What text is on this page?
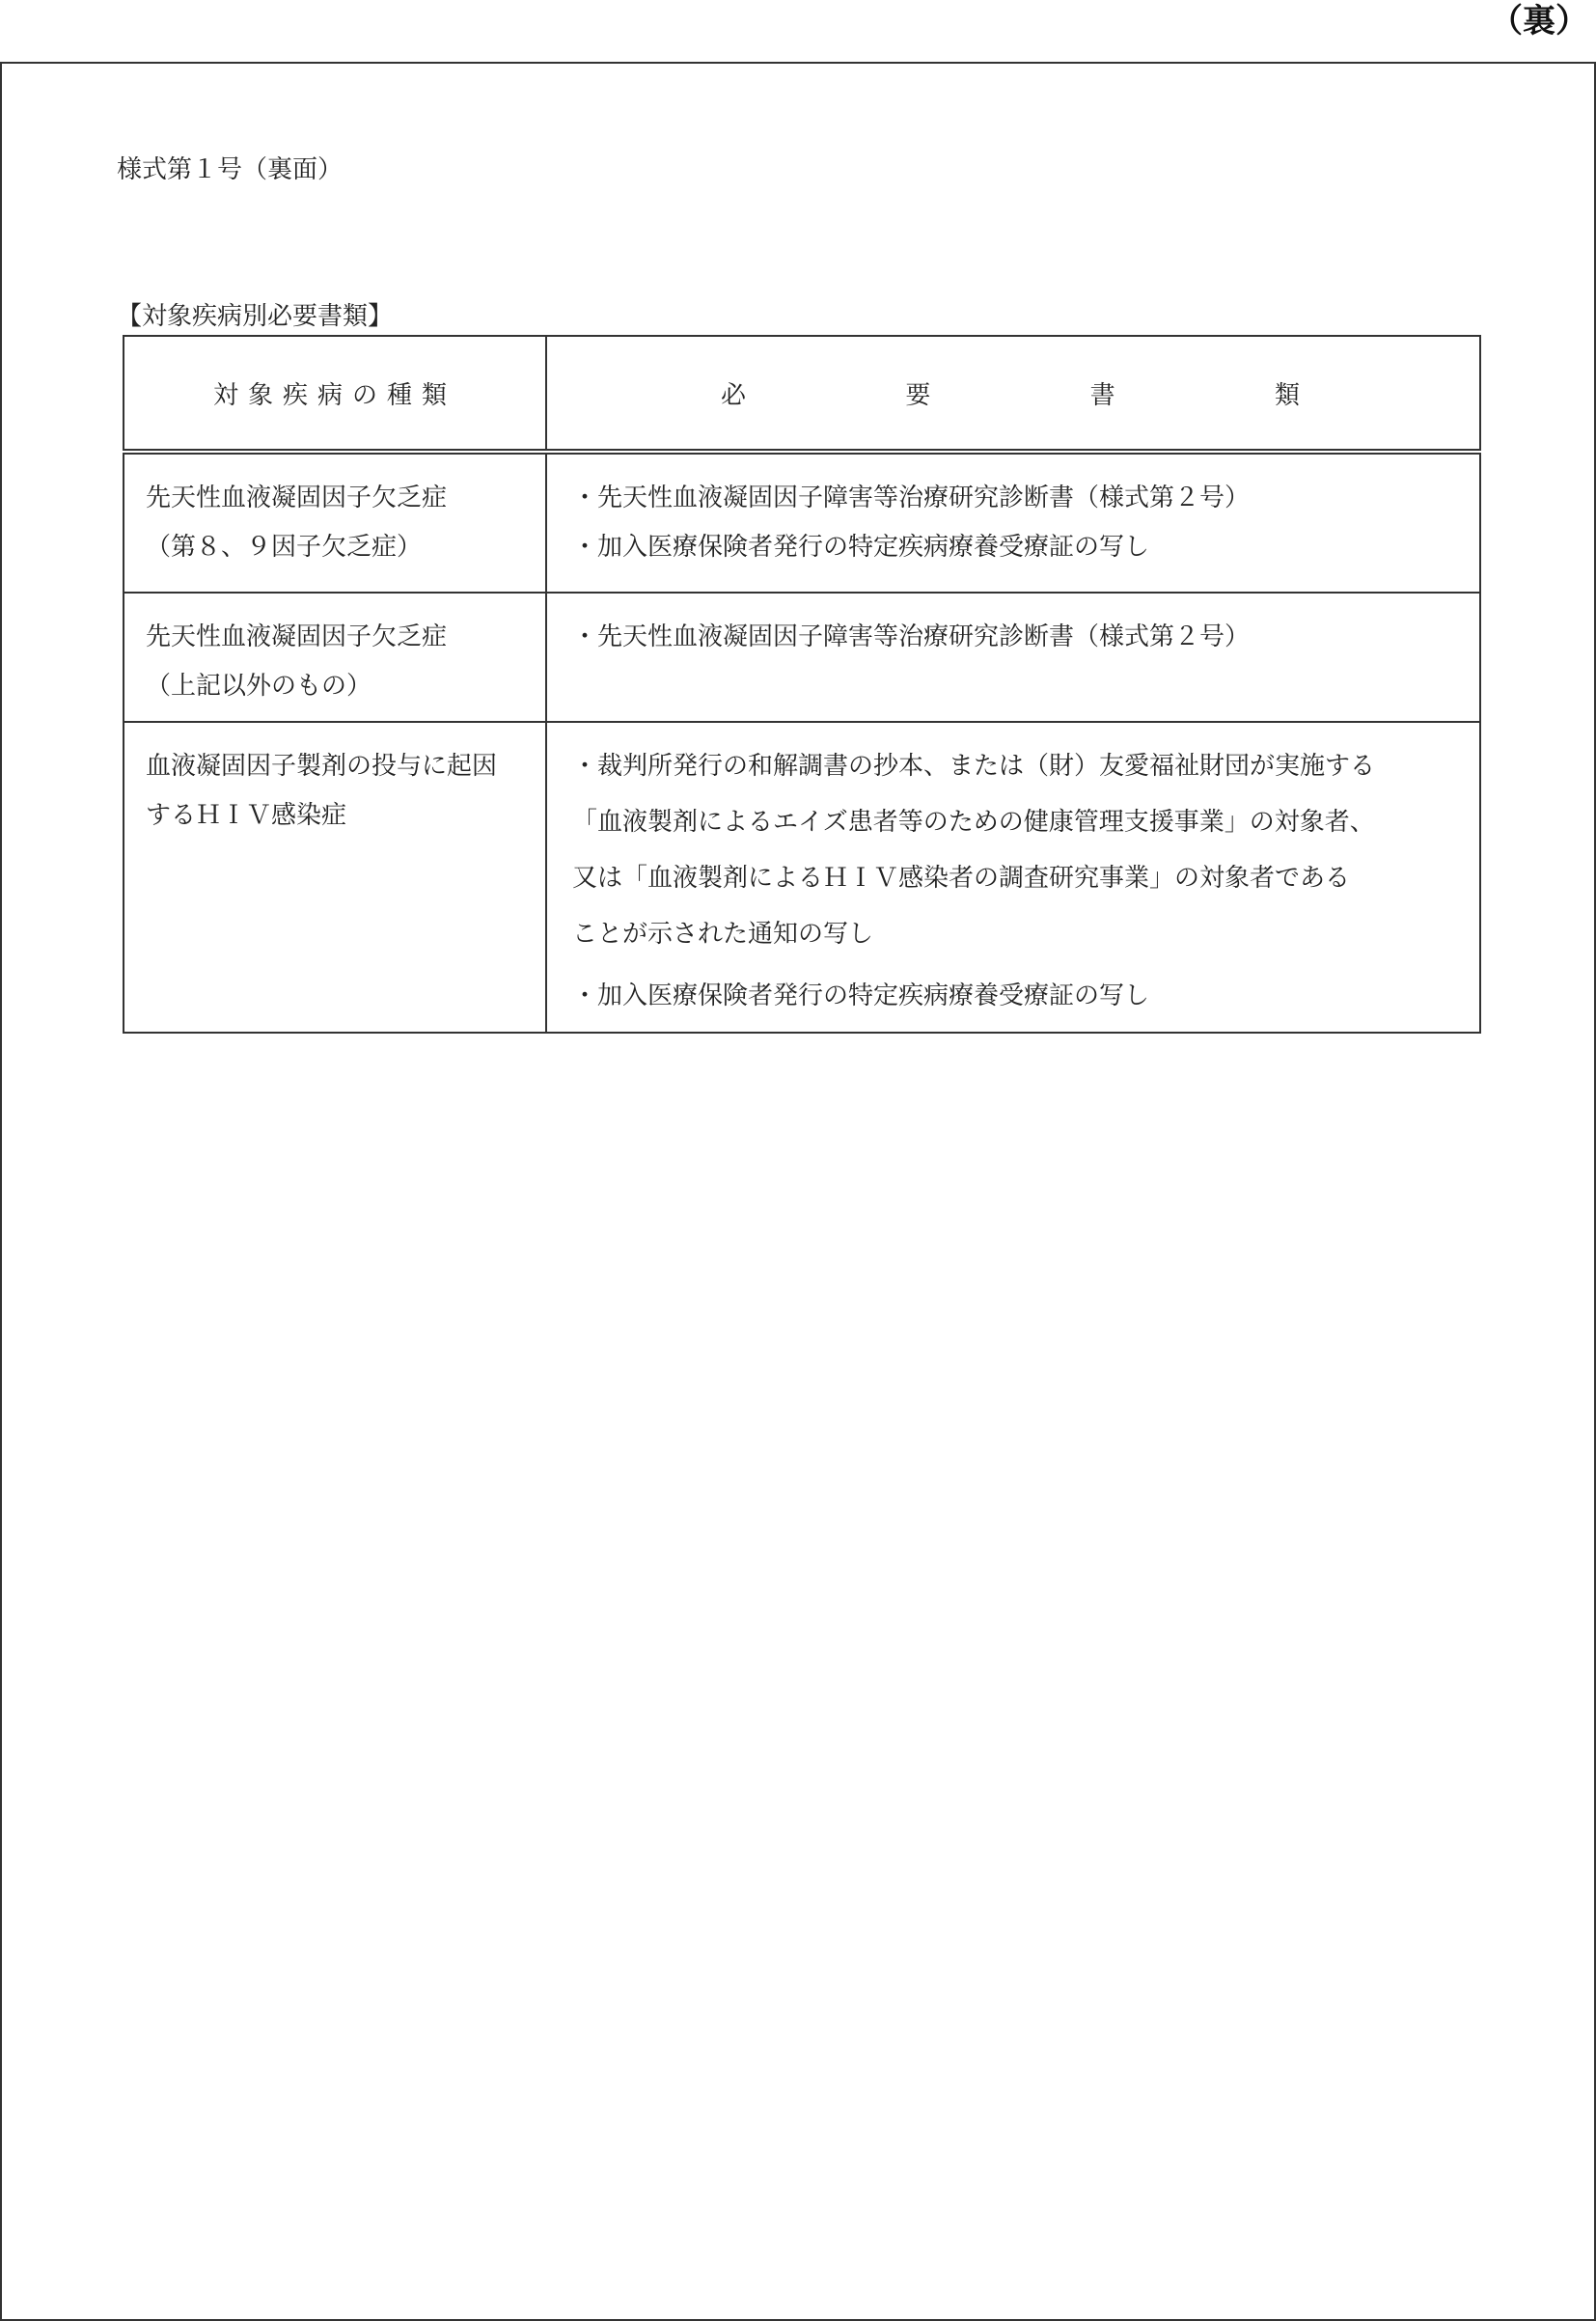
（裏）
様式第１号（裏面）
【対象疾病別必要書類】
対象疾病の種類	必 要 書 類

先天性血液凝固因子欠乏症
（第８、９因子欠乏症）	・先天性血液凝固因子障害等治療研究診断書（様式第２号）
・加入医療保険者発行の特定疾病療養受療証の写し

先天性血液凝固因子欠乏症
（上記以外のもの）	・先天性血液凝固因子障害等治療研究診断書（様式第２号）

血液凝固因子製剤の投与に起因
するＨＩＶ感染症	・裁判所発行の和解調書の抄本、または（財）友愛福祉財団が実施する
「血液製剤によるエイズ患者等のための健康管理支援事業」の対象者、
又は「血液製剤によるＨＩＶ感染者の調査研究事業」の対象者である
ことが示された通知の写し
・加入医療保険者発行の特定疾病療養受療証の写し
